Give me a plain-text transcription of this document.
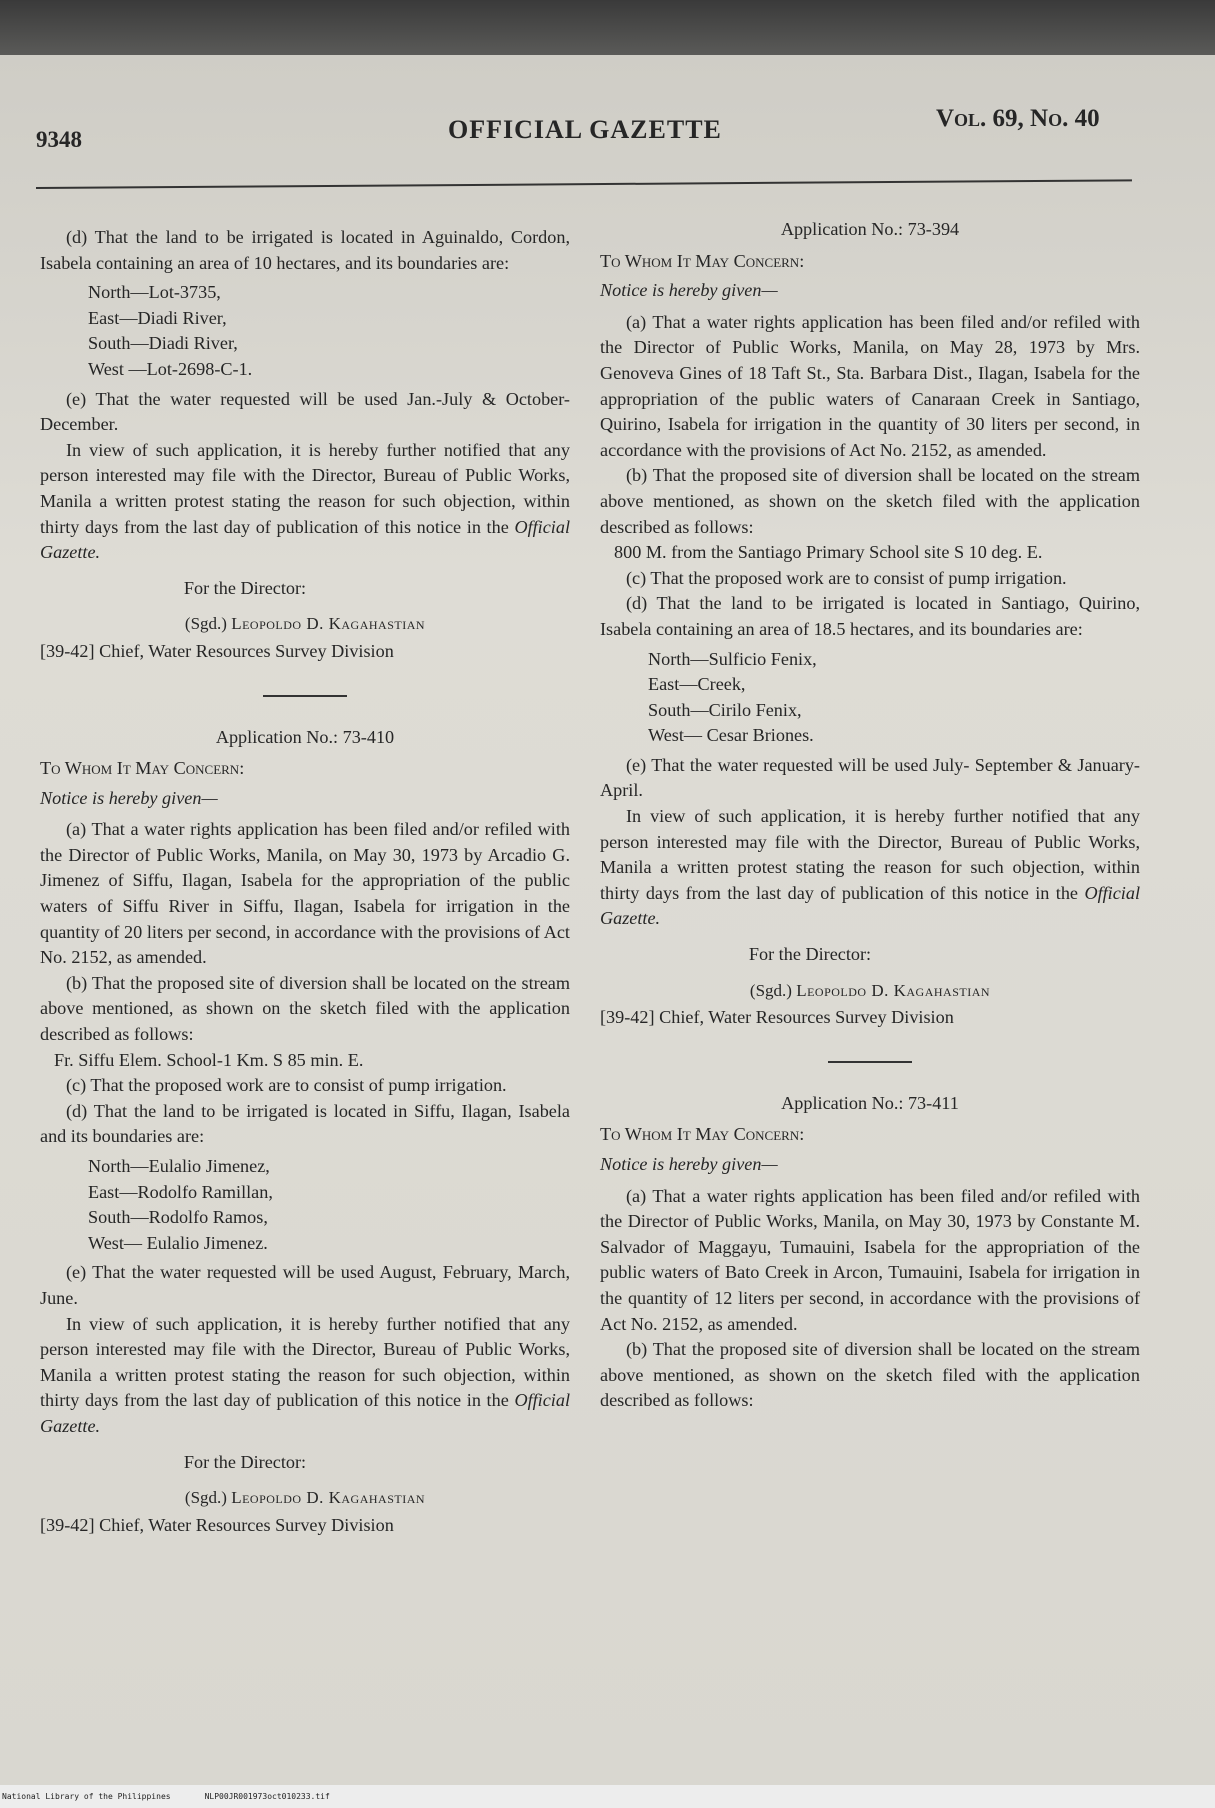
9348	OFFICIAL GAZETTE	Vol. 69, No. 40

(d) That the land to be irrigated is located in Aguinaldo, Cordon, Isabela containing an area of 10 hectares, and its boundaries are:

North—Lot-3735,
East—Diadi River,
South—Diadi River,
West —Lot-2698-C-1.

(e) That the water requested will be used Jan.-July & October-December.

In view of such application, it is hereby further notified that any person interested may file with the Director, Bureau of Public Works, Manila a written protest stating the reason for such objection, within thirty days from the last day of publication of this notice in the Official Gazette.

For the Director:

(Sgd.) Leopoldo D. Kagahastian

[39-42] Chief, Water Resources Survey Division

Application No.: 73-410

To Whom It May Concern:

Notice is hereby given—

(a) That a water rights application has been filed and/or refiled with the Director of Public Works, Manila, on May 30, 1973 by Arcadio G. Jimenez of Siffu, Ilagan, Isabela for the appropriation of the public waters of Siffu River in Siffu, Ilagan, Isabela for irrigation in the quantity of 20 liters per second, in accordance with the provisions of Act No. 2152, as amended.

(b) That the proposed site of diversion shall be located on the stream above mentioned, as shown on the sketch filed with the application described as follows:

Fr. Siffu Elem. School-1 Km. S 85 min. E.

(c) That the proposed work are to consist of pump irrigation.

(d) That the land to be irrigated is located in Siffu, Ilagan, Isabela and its boundaries are:

North—Eulalio Jimenez,
East—Rodolfo Ramillan,
South—Rodolfo Ramos,
West— Eulalio Jimenez.

(e) That the water requested will be used August, February, March, June.

In view of such application, it is hereby further notified that any person interested may file with the Director, Bureau of Public Works, Manila a written protest stating the reason for such objection, within thirty days from the last day of publication of this notice in the Official Gazette.

For the Director:

(Sgd.) Leopoldo D. Kagahastian

[39-42] Chief, Water Resources Survey Division

Application No.: 73-394

To Whom It May Concern:

Notice is hereby given—

(a) That a water rights application has been filed and/or refiled with the Director of Public Works, Manila, on May 28, 1973 by Mrs. Genoveva Gines of 18 Taft St., Sta. Barbara Dist., Ilagan, Isabela for the appropriation of the public waters of Canaraan Creek in Santiago, Quirino, Isabela for irrigation in the quantity of 30 liters per second, in accordance with the provisions of Act No. 2152, as amended.

(b) That the proposed site of diversion shall be located on the stream above mentioned, as shown on the sketch filed with the application described as follows:

800 M. from the Santiago Primary School site S 10 deg. E.

(c) That the proposed work are to consist of pump irrigation.

(d) That the land to be irrigated is located in Santiago, Quirino, Isabela containing an area of 18.5 hectares, and its boundaries are:

North—Sulficio Fenix,
East—Creek,
South—Cirilo Fenix,
West— Cesar Briones.

(e) That the water requested will be used July- September & January- April.

In view of such application, it is hereby further notified that any person interested may file with the Director, Bureau of Public Works, Manila a written protest stating the reason for such objection, within thirty days from the last day of publication of this notice in the Official Gazette.

For the Director:

(Sgd.) Leopoldo D. Kagahastian

[39-42] Chief, Water Resources Survey Division

Application No.: 73-411

To Whom It May Concern:

Notice is hereby given—

(a) That a water rights application has been filed and/or refiled with the Director of Public Works, Manila, on May 30, 1973 by Constante M. Salvador of Maggayu, Tumauini, Isabela for the appropriation of the public waters of Bato Creek in Arcon, Tumauini, Isabela for irrigation in the quantity of 12 liters per second, in accordance with the provisions of Act No. 2152, as amended.

(b) That the proposed site of diversion shall be located on the stream above mentioned, as shown on the sketch filed with the application described as follows:

National Library of the Philippines	NLP00JR001973oct010233.tif
